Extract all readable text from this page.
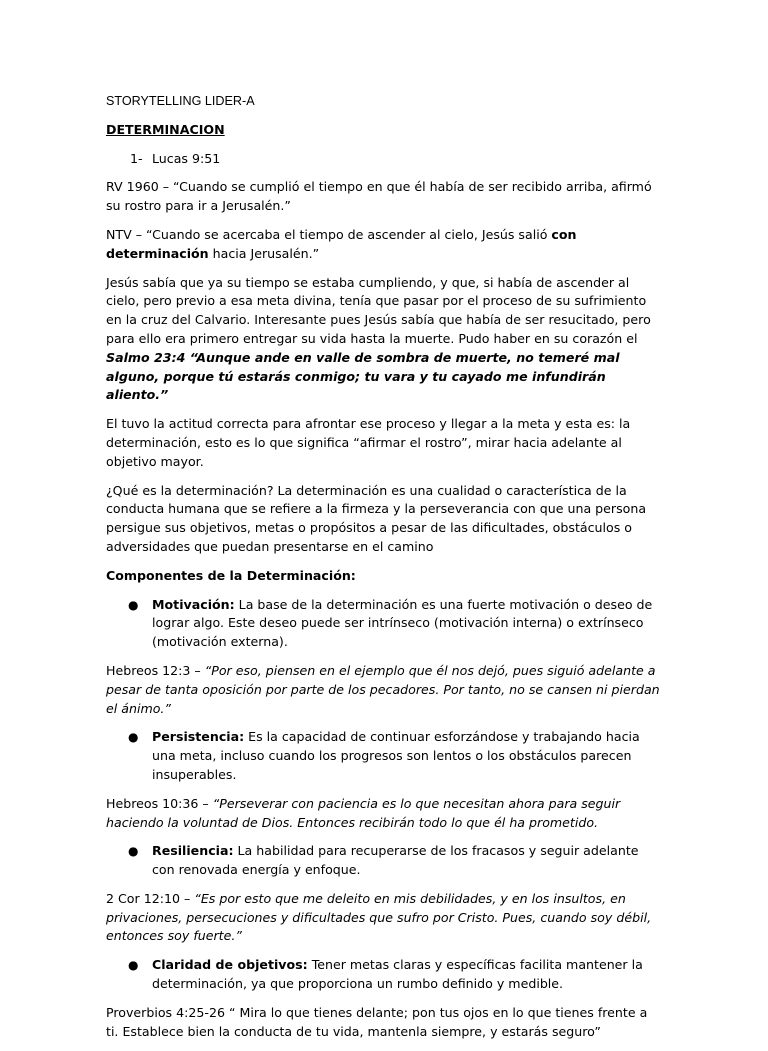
STORYTELLING LIDER-A
DETERMINACION
1- Lucas 9:51

RV 1960 – “Cuando se cumplió el tiempo en que él había de ser recibido arriba, afirmó su rostro para ir a Jerusalén.”

NTV – “Cuando se acercaba el tiempo de ascender al cielo, Jesús salió con determinación hacia Jerusalén.”

Jesús sabía que ya su tiempo se estaba cumpliendo, y que, si había de ascender al cielo, pero previo a esa meta divina, tenía que pasar por el proceso de su sufrimiento en la cruz del Calvario. Interesante pues Jesús sabía que había de ser resucitado, pero para ello era primero entregar su vida hasta la muerte. Pudo haber en su corazón el Salmo 23:4 “Aunque ande en valle de sombra de muerte, no temeré mal alguno, porque tú estarás conmigo; tu vara y tu cayado me infundirán aliento.”

El tuvo la actitud correcta para afrontar ese proceso y llegar a la meta y esta es: la determinación, esto es lo que significa “afirmar el rostro”, mirar hacia adelante al objetivo mayor.

¿Qué es la determinación? La determinación es una cualidad o característica de la conducta humana que se refiere a la firmeza y la perseverancia con que una persona persigue sus objetivos, metas o propósitos a pesar de las dificultades, obstáculos o adversidades que puedan presentarse en el camino

Componentes de la Determinación:

●	Motivación: La base de la determinación es una fuerte motivación o deseo de lograr algo. Este deseo puede ser intrínseco (motivación interna) o extrínseco (motivación externa).

Hebreos 12:3 – “Por eso, piensen en el ejemplo que él nos dejó, pues siguió adelante a pesar de tanta oposición por parte de los pecadores. Por tanto, no se cansen ni pierdan el ánimo.”

●	Persistencia: Es la capacidad de continuar esforzándose y trabajando hacia una meta, incluso cuando los progresos son lentos o los obstáculos parecen insuperables.

Hebreos 10:36 – “Perseverar con paciencia es lo que necesitan ahora para seguir haciendo la voluntad de Dios. Entonces recibirán todo lo que él ha prometido.

●	Resiliencia: La habilidad para recuperarse de los fracasos y seguir adelante con renovada energía y enfoque.

2 Cor 12:10 – “Es por esto que me deleito en mis debilidades, y en los insultos, en privaciones, persecuciones y dificultades que sufro por Cristo. Pues, cuando soy débil, entonces soy fuerte.”

●	Claridad de objetivos: Tener metas claras y específicas facilita mantener la determinación, ya que proporciona un rumbo definido y medible.

Proverbios 4:25-26 “ Mira lo que tienes delante; pon tus ojos en lo que tienes frente a ti. Establece bien la conducta de tu vida, mantenla siempre, y estarás seguro”
